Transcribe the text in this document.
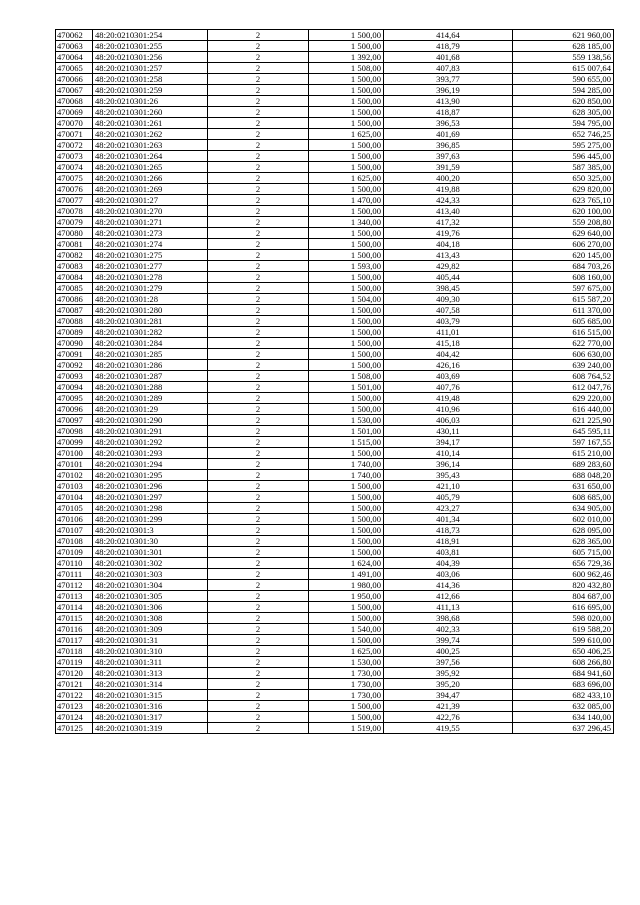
470062	48:20:0210301:254	2	1 500,00	414,64	621 960,00
470063	48:20:0210301:255	2	1 500,00	418,79	628 185,00
470064	48:20:0210301:256	2	1 392,00	401,68	559 138,56
470065	48:20:0210301:257	2	1 508,00	407,83	615 007,64
470066	48:20:0210301:258	2	1 500,00	393,77	590 655,00
470067	48:20:0210301:259	2	1 500,00	396,19	594 285,00
470068	48:20:0210301:26	2	1 500,00	413,90	620 850,00
470069	48:20:0210301:260	2	1 500,00	418,87	628 305,00
470070	48:20:0210301:261	2	1 500,00	396,53	594 795,00
470071	48:20:0210301:262	2	1 625,00	401,69	652 746,25
470072	48:20:0210301:263	2	1 500,00	396,85	595 275,00
470073	48:20:0210301:264	2	1 500,00	397,63	596 445,00
470074	48:20:0210301:265	2	1 500,00	391,59	587 385,00
470075	48:20:0210301:266	2	1 625,00	400,20	650 325,00
470076	48:20:0210301:269	2	1 500,00	419,88	629 820,00
470077	48:20:0210301:27	2	1 470,00	424,33	623 765,10
470078	48:20:0210301:270	2	1 500,00	413,40	620 100,00
470079	48:20:0210301:271	2	1 340,00	417,32	559 208,80
470080	48:20:0210301:273	2	1 500,00	419,76	629 640,00
470081	48:20:0210301:274	2	1 500,00	404,18	606 270,00
470082	48:20:0210301:275	2	1 500,00	413,43	620 145,00
470083	48:20:0210301:277	2	1 593,00	429,82	684 703,26
470084	48:20:0210301:278	2	1 500,00	405,44	608 160,00
470085	48:20:0210301:279	2	1 500,00	398,45	597 675,00
470086	48:20:0210301:28	2	1 504,00	409,30	615 587,20
470087	48:20:0210301:280	2	1 500,00	407,58	611 370,00
470088	48:20:0210301:281	2	1 500,00	403,79	605 685,00
470089	48:20:0210301:282	2	1 500,00	411,01	616 515,00
470090	48:20:0210301:284	2	1 500,00	415,18	622 770,00
470091	48:20:0210301:285	2	1 500,00	404,42	606 630,00
470092	48:20:0210301:286	2	1 500,00	426,16	639 240,00
470093	48:20:0210301:287	2	1 508,00	403,69	608 764,52
470094	48:20:0210301:288	2	1 501,00	407,76	612 047,76
470095	48:20:0210301:289	2	1 500,00	419,48	629 220,00
470096	48:20:0210301:29	2	1 500,00	410,96	616 440,00
470097	48:20:0210301:290	2	1 530,00	406,03	621 225,90
470098	48:20:0210301:291	2	1 501,00	430,11	645 595,11
470099	48:20:0210301:292	2	1 515,00	394,17	597 167,55
470100	48:20:0210301:293	2	1 500,00	410,14	615 210,00
470101	48:20:0210301:294	2	1 740,00	396,14	689 283,60
470102	48:20:0210301:295	2	1 740,00	395,43	688 048,20
470103	48:20:0210301:296	2	1 500,00	421,10	631 650,00
470104	48:20:0210301:297	2	1 500,00	405,79	608 685,00
470105	48:20:0210301:298	2	1 500,00	423,27	634 905,00
470106	48:20:0210301:299	2	1 500,00	401,34	602 010,00
470107	48:20:0210301:3	2	1 500,00	418,73	628 095,00
470108	48:20:0210301:30	2	1 500,00	418,91	628 365,00
470109	48:20:0210301:301	2	1 500,00	403,81	605 715,00
470110	48:20:0210301:302	2	1 624,00	404,39	656 729,36
470111	48:20:0210301:303	2	1 491,00	403,06	600 962,46
470112	48:20:0210301:304	2	1 980,00	414,36	820 432,80
470113	48:20:0210301:305	2	1 950,00	412,66	804 687,00
470114	48:20:0210301:306	2	1 500,00	411,13	616 695,00
470115	48:20:0210301:308	2	1 500,00	398,68	598 020,00
470116	48:20:0210301:309	2	1 540,00	402,33	619 588,20
470117	48:20:0210301:31	2	1 500,00	399,74	599 610,00
470118	48:20:0210301:310	2	1 625,00	400,25	650 406,25
470119	48:20:0210301:311	2	1 530,00	397,56	608 266,80
470120	48:20:0210301:313	2	1 730,00	395,92	684 941,60
470121	48:20:0210301:314	2	1 730,00	395,20	683 696,00
470122	48:20:0210301:315	2	1 730,00	394,47	682 433,10
470123	48:20:0210301:316	2	1 500,00	421,39	632 085,00
470124	48:20:0210301:317	2	1 500,00	422,76	634 140,00
470125	48:20:0210301:319	2	1 519,00	419,55	637 296,45
